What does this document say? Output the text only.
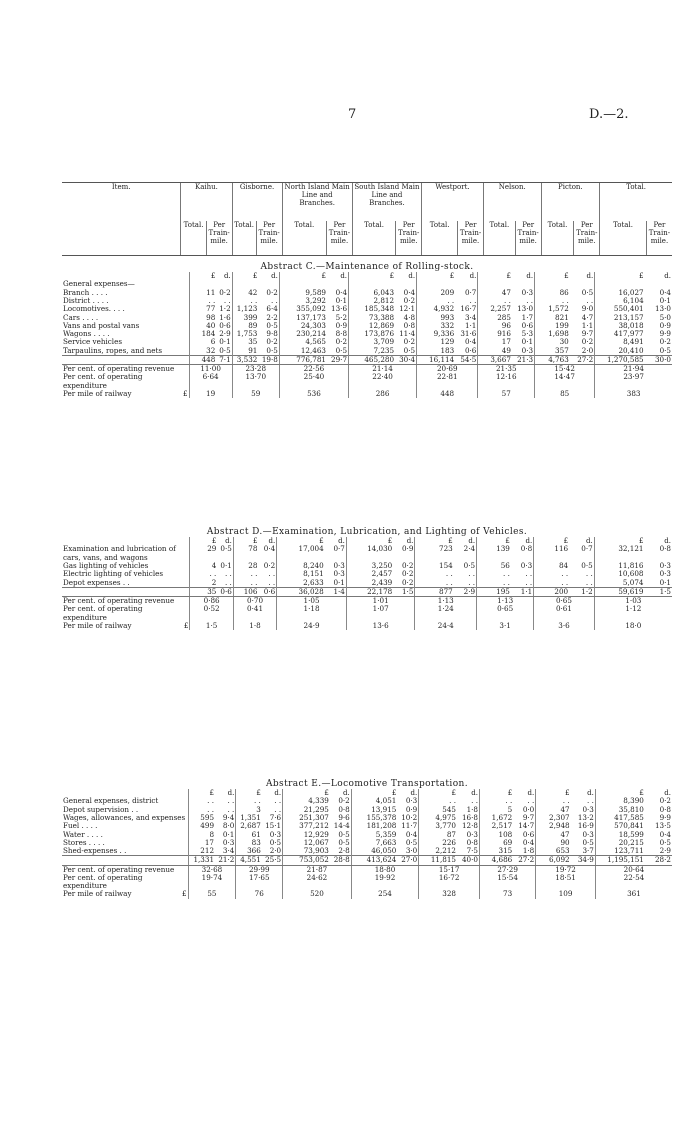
7	D.—2.
Item.	Kaihu.		Gisborne.		North Island Main Line and Branches.		South Island Main Line and Branches.		Westport.		Nelson.		Picton.		Total.	
	Total.	Per Train-mile.	Total.	Per Train-mile.	Total.	Per Train-mile.	Total.	Per Train-mile.	Total.	Per Train-mile.	Total.	Per Train-mile.	Total.	Per Train-mile.	Total.	Per Train-mile.
Abstract C.—Maintenance of Rolling-stock.																
	£	d.	£	d.	£	d.	£	d.	£	d.	£	d.	£	d.	£	d.
General expenses—																
Branch . . . .	11	0·2	42	0·2	9,589	0·4	6,043	0·4	209	0·7	47	0·3	86	0·5	16,027	0·4
District . . . .	. .	. .	. .	. .	3,292	0·1	2,812	0·2	. .	. .	. .	. .	. .	. .	6,104	0·1
Locomotives. . . .	77	1·2	1,123	6·4	355,092	13·6	185,348	12·1	4,932	16·7	2,257	13·0	1,572	9·0	550,401	13·0
Cars . . . .	98	1·6	399	2·2	137,173	5·2	73,388	4·8	993	3·4	285	1·7	821	4·7	213,157	5·0
Vans and postal vans	40	0·6	89	0·5	24,303	0·9	12,869	0·8	332	1·1	96	0·6	199	1·1	38,018	0·9
Wagons . . . .	184	2·9	1,753	9·8	230,214	8·8	173,876	11·4	9,336	31·6	916	5·3	1,698	9·7	417,977	9·9
Service vehicles	6	0·1	35	0·2	4,565	0·2	3,709	0·2	129	0·4	17	0·1	30	0·2	8,491	0·2
Tarpaulins, ropes, and nets	32	0·5	91	0·5	12,463	0·5	7,235	0·5	183	0·6	49	0·3	357	2·0	20,410	0·5
	448	7·1	3,532	19·8	776,781	29·7	465,280	30·4	16,114	54·5	3,667	21·3	4,763	27·2	1,270,585	30·0
Per cent. of operating revenue	11·00		23·28		22·56		21·14		20·69		21·35		15·42		21·94	
Per cent. of operating expenditure	6·64		13·70		25·40		22·40		22·81		12·16		14·47		23·97	
Per mile of railway £	19		59		536		286		448		57		85		383	
Abstract D.—Examination, Lubrication, and Lighting of Vehicles.																
	£	d.	£	d.	£	d.	£	d.	£	d.	£	d.	£	d.	£	d.
Examination and lubrication of cars, vans, and wagons	29	0·5	78	0·4	17,004	0·7	14,030	0·9	723	2·4	139	0·8	116	0·7	32,121	0·8
Gas lighting of vehicles	4	0·1	28	0·2	8,240	0·3	3,250	0·2	154	0·5	56	0·3	84	0·5	11,816	0·3
Electric lighting of vehicles	. .	. .	. .	. .	8,151	0·3	2,457	0·2	. .	. .	. .	. .	. .	. .	10,608	0·3
Depot expenses . .	2	. .	. .	. .	2,633	0·1	2,439	0·2	. .	. .	. .	. .	. .	. .	5,074	0·1
	35	0·6	106	0·6	36,028	1·4	22,178	1·5	877	2·9	195	1·1	200	1·2	59,619	1·5
Per cent. of operating revenue	0·86		0·70		1·05		1·01		1·13		1·13		0·65		1·03	
Per cent. of operating expenditure	0·52		0·41		1·18		1·07		1·24		0·65		0·61		1·12	
Per mile of railway £	1·5		1·8		24·9		13·6		24·4		3·1		3·6		18·0	
Abstract E.—Locomotive Transportation.																
	£	d.	£	d.	£	d.	£	d.	£	d.	£	d.	£	d.	£	d.
General expenses, district	. .	. .	. .	. .	4,339	0·2	4,051	0·3	. .	. .	. .	. .	. .	. .	8,390	0·2
Depot supervision . .	. .	. .	3	. .	21,295	0·8	13,915	0·9	545	1·8	5	0·0	47	0·3	35,810	0·8
Wages, allowances, and expenses	595	9·4	1,351	7·6	251,307	9·6	155,378	10·2	4,975	16·8	1,672	9·7	2,307	13·2	417,585	9·9
Fuel . . . .	499	8·0	2,687	15·1	377,212	14·4	181,208	11·7	3,770	12·8	2,517	14·7	2,948	16·9	570,841	13·5
Water . . . .	8	0·1	61	0·3	12,929	0·5	5,359	0·4	87	0·3	108	0·6	47	0·3	18,599	0·4
Stores . . . .	17	0·3	83	0·5	12,067	0·5	7,663	0·5	226	0·8	69	0·4	90	0·5	20,215	0·5
Shed-expenses . .	212	3·4	366	2·0	73,903	2·8	46,050	3·0	2,212	7·5	315	1·8	653	3·7	123,711	2·9
	1,331	21·2	4,551	25·5	753,052	28·8	413,624	27·0	11,815	40·0	4,686	27·2	6,092	34·9	1,195,151	28·2
Per cent. of operating revenue	32·68		29·99		21·87		18·80		15·17		27·29		19·72		20·64	
Per cent. of operating expenditure	19·74		17·65		24·62		19·92		16·72		15·54		18·51		22·54	
Per mile of railway £	55		76		520		254		328		73		109		361	
